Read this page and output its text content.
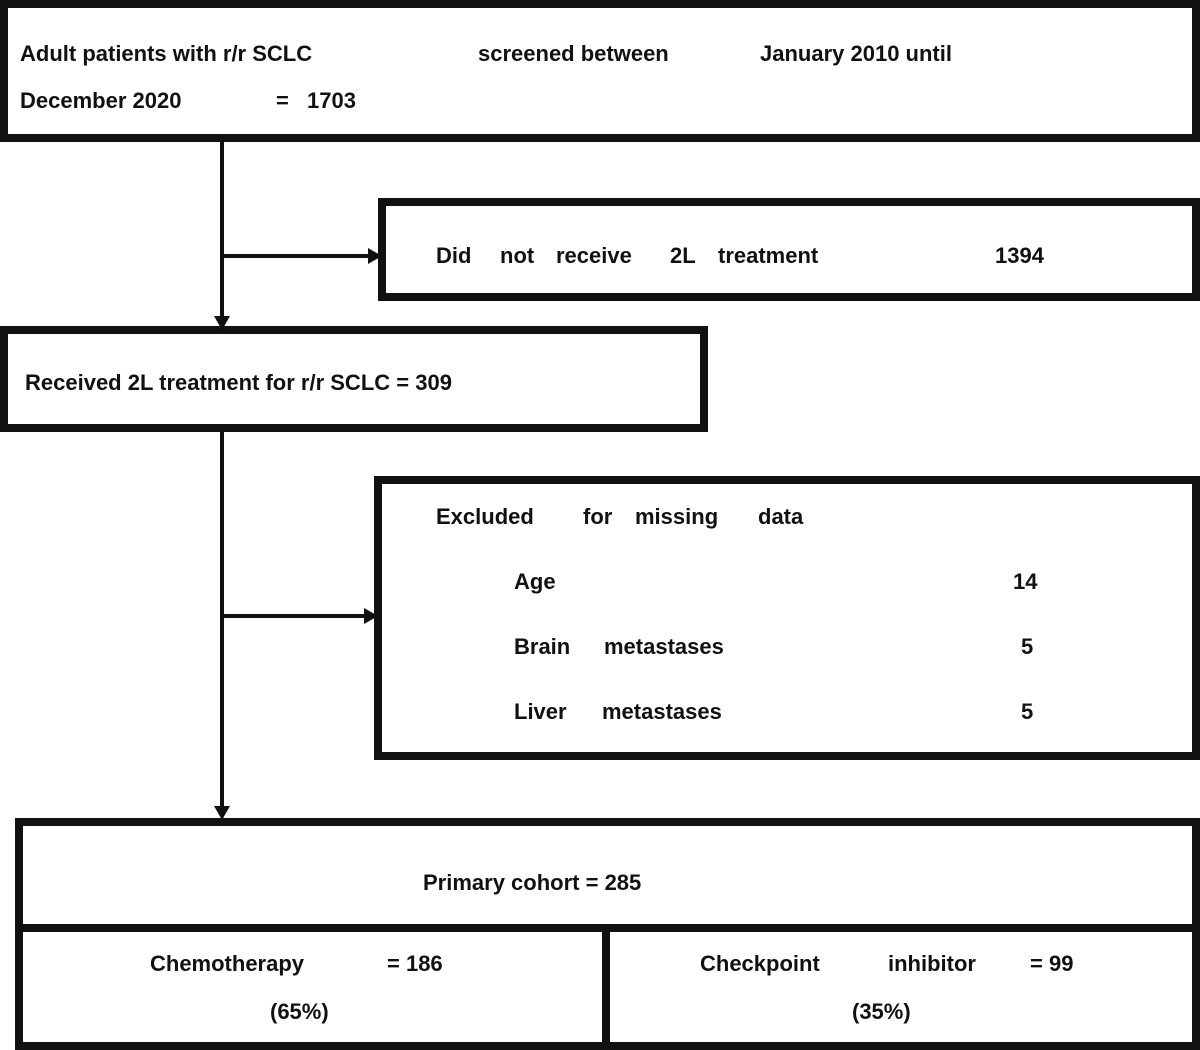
Adult patients with r/r SCLC	screened between	January 2010 until
December 2020	= 1703
Did not receive 2L treatment	1394
Received 2L treatment for r/r SCLC = 309
Excluded for missing data
Age	14
Brain metastases	5
Liver metastases	5
Primary cohort = 285
Chemotherapy	= 186
(65%)
Checkpoint	inhibitor = 99
(35%)
